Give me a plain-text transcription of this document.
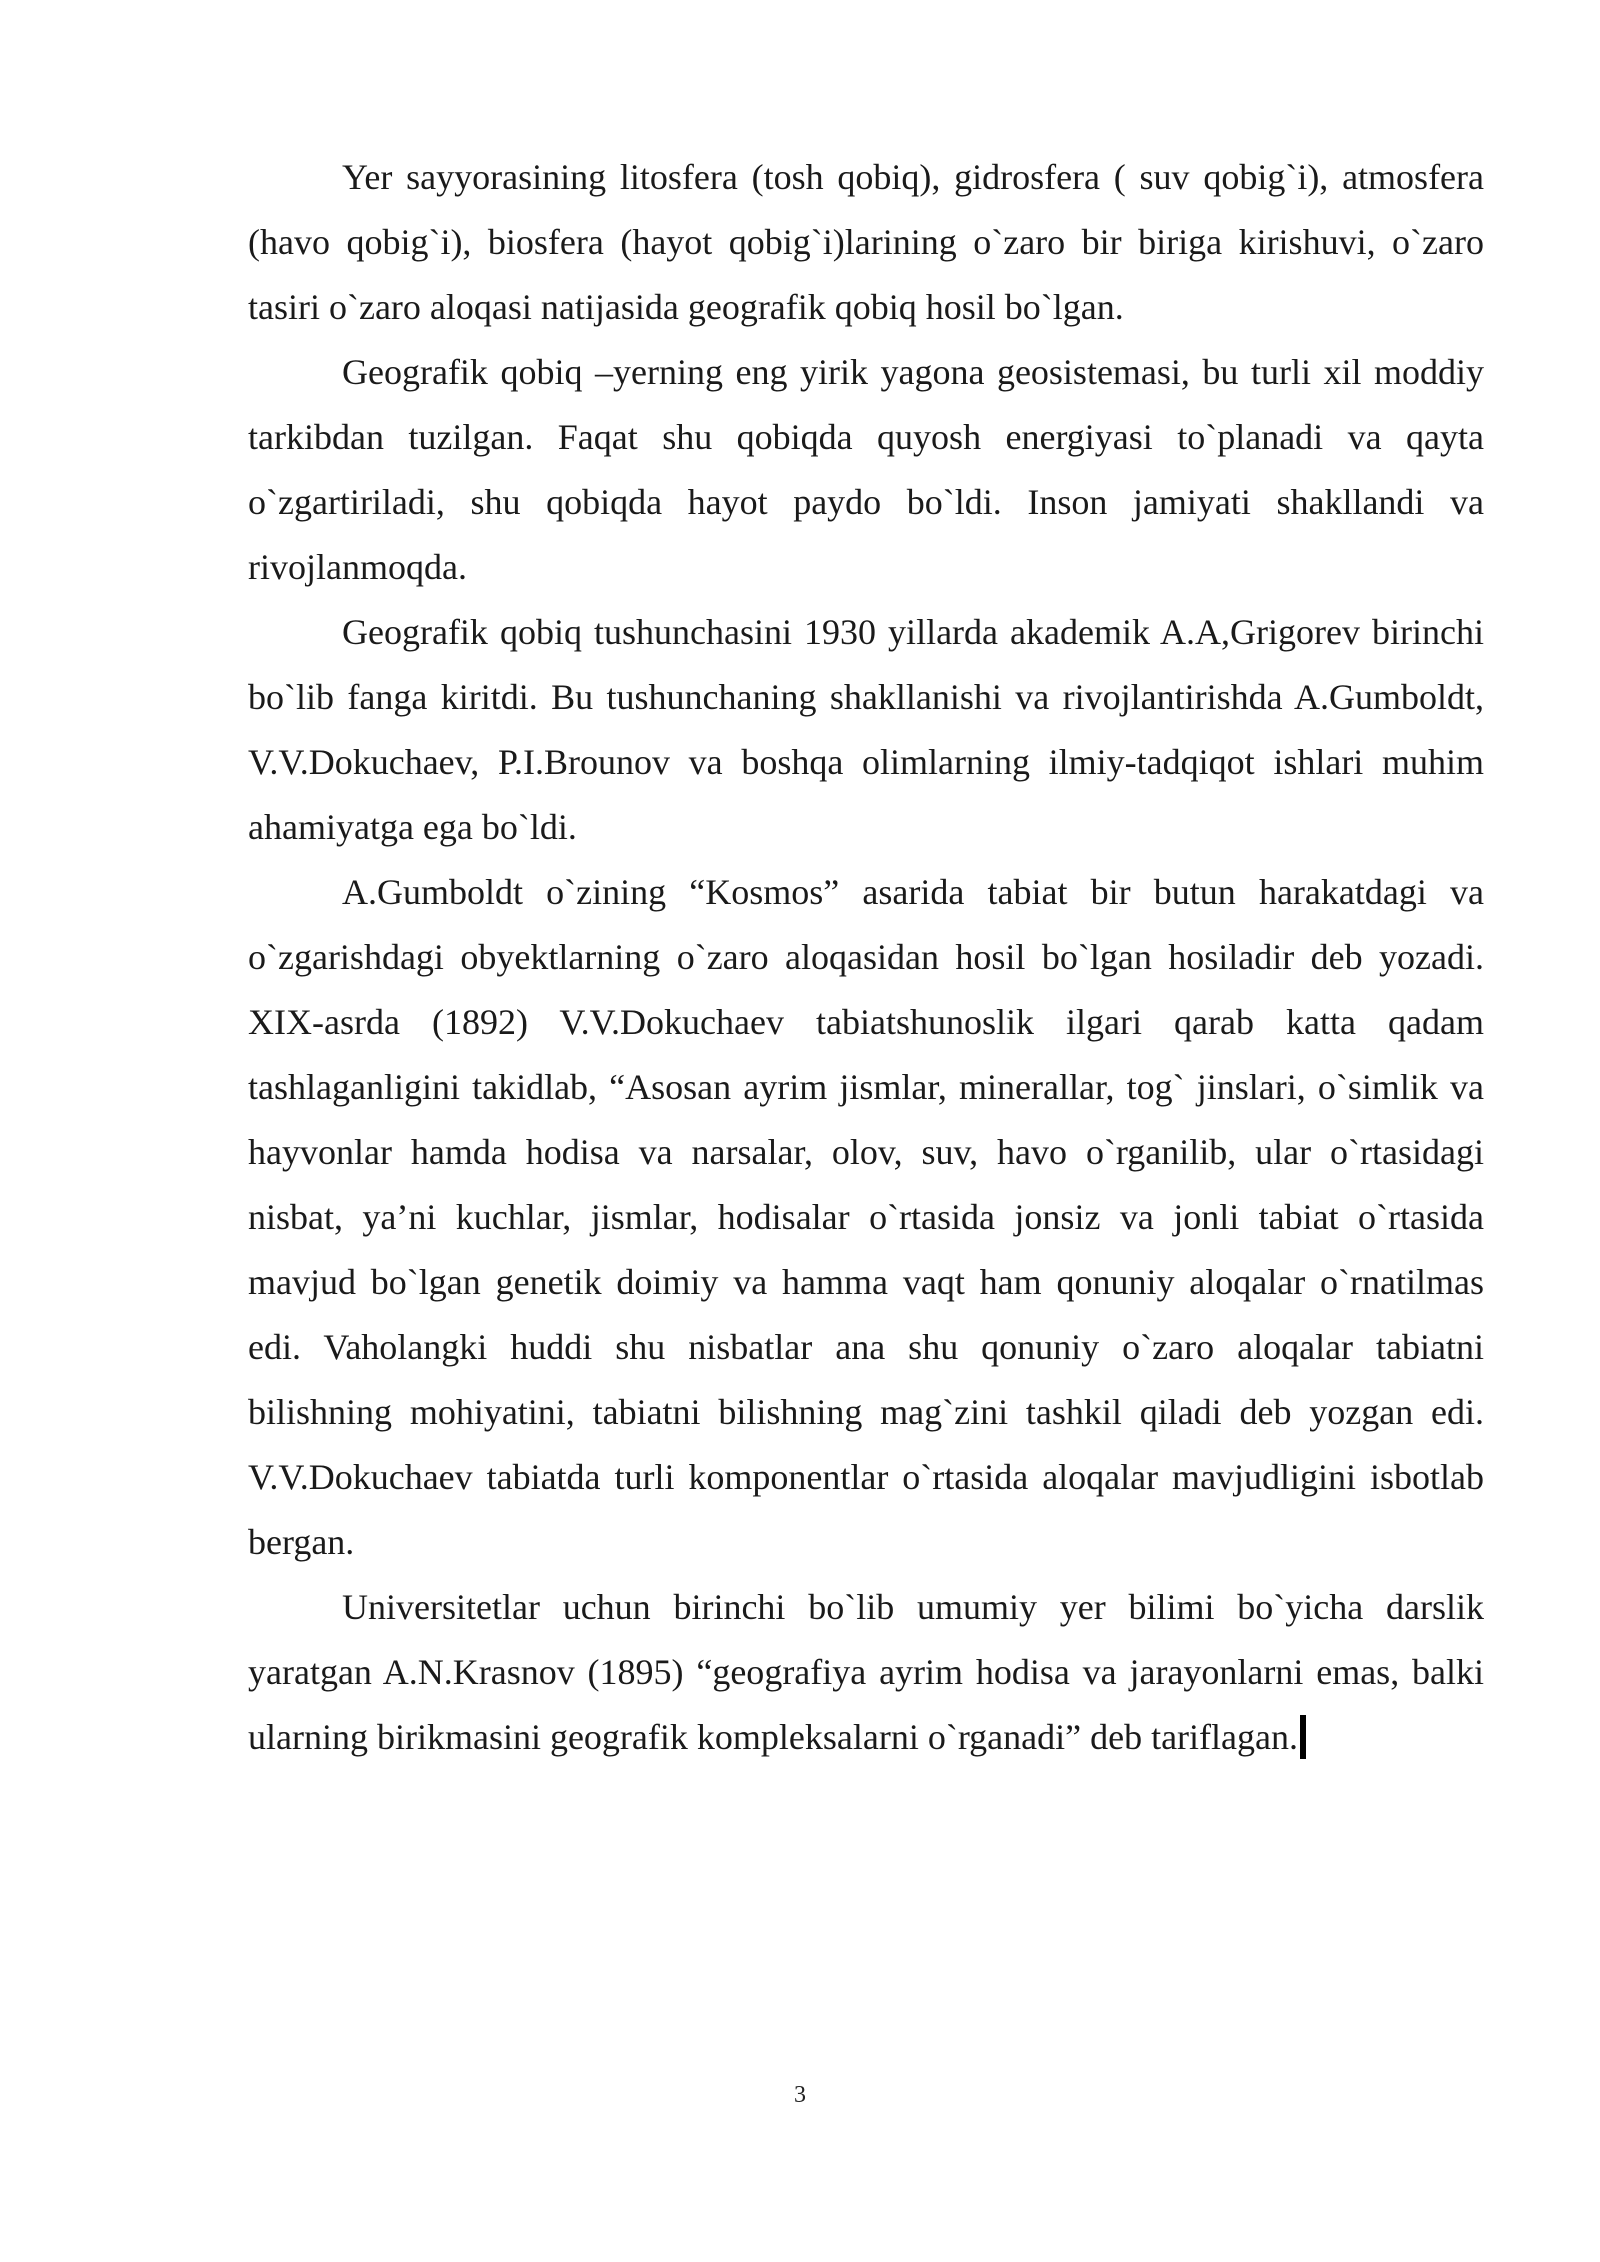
Yer sayyorasining litosfera (tosh qobiq), gidrosfera ( suv qobig`i), atmosfera (havo qobig`i), biosfera (hayot qobig`i)larining o`zaro bir biriga kirishuvi, o`zaro tasiri o`zaro aloqasi natijasida geografik qobiq hosil bo`lgan.

Geografik qobiq –yerning eng yirik yagona geosistemasi, bu turli xil moddiy tarkibdan tuzilgan. Faqat shu qobiqda quyosh energiyasi to`planadi va qayta o`zgartiriladi, shu qobiqda hayot paydo bo`ldi. Inson jamiyati shakllandi va rivojlanmoqda.

Geografik qobiq tushunchasini 1930 yillarda akademik A.A,Grigorev birinchi bo`lib fanga kiritdi. Bu tushunchaning shakllanishi va rivojlantirishda A.Gumboldt, V.V.Dokuchaev, P.I.Brounov va boshqa olimlarning ilmiy-tadqiqot ishlari muhim ahamiyatga ega bo`ldi.

A.Gumboldt o`zining “Kosmos” asarida tabiat bir butun harakatdagi va o`zgarishdagi obyektlarning o`zaro aloqasidan hosil bo`lgan hosiladir deb yozadi. XIX-asrda (1892) V.V.Dokuchaev tabiatshunoslik ilgari qarab katta qadam tashlaganligini takidlab, “Asosan ayrim jismlar, minerallar, tog` jinslari, o`simlik va hayvonlar hamda hodisa va narsalar, olov, suv, havo o`rganilib, ular o`rtasidagi nisbat, ya’ni kuchlar, jismlar, hodisalar o`rtasida jonsiz va jonli tabiat o`rtasida mavjud bo`lgan genetik doimiy va hamma vaqt ham qonuniy aloqalar o`rnatilmas edi. Vaholangki huddi shu nisbatlar ana shu qonuniy o`zaro aloqalar tabiatni bilishning mohiyatini, tabiatni bilishning mag`zini tashkil qiladi deb yozgan edi. V.V.Dokuchaev tabiatda turli komponentlar o`rtasida aloqalar mavjudligini isbotlab bergan.

Universitetlar uchun birinchi bo`lib umumiy yer bilimi bo`yicha darslik yaratgan A.N.Krasnov (1895) “geografiya ayrim hodisa va jarayonlarni emas, balki ularning birikmasini geografik kompleksalarni o`rganadi” deb tariflagan.

3
